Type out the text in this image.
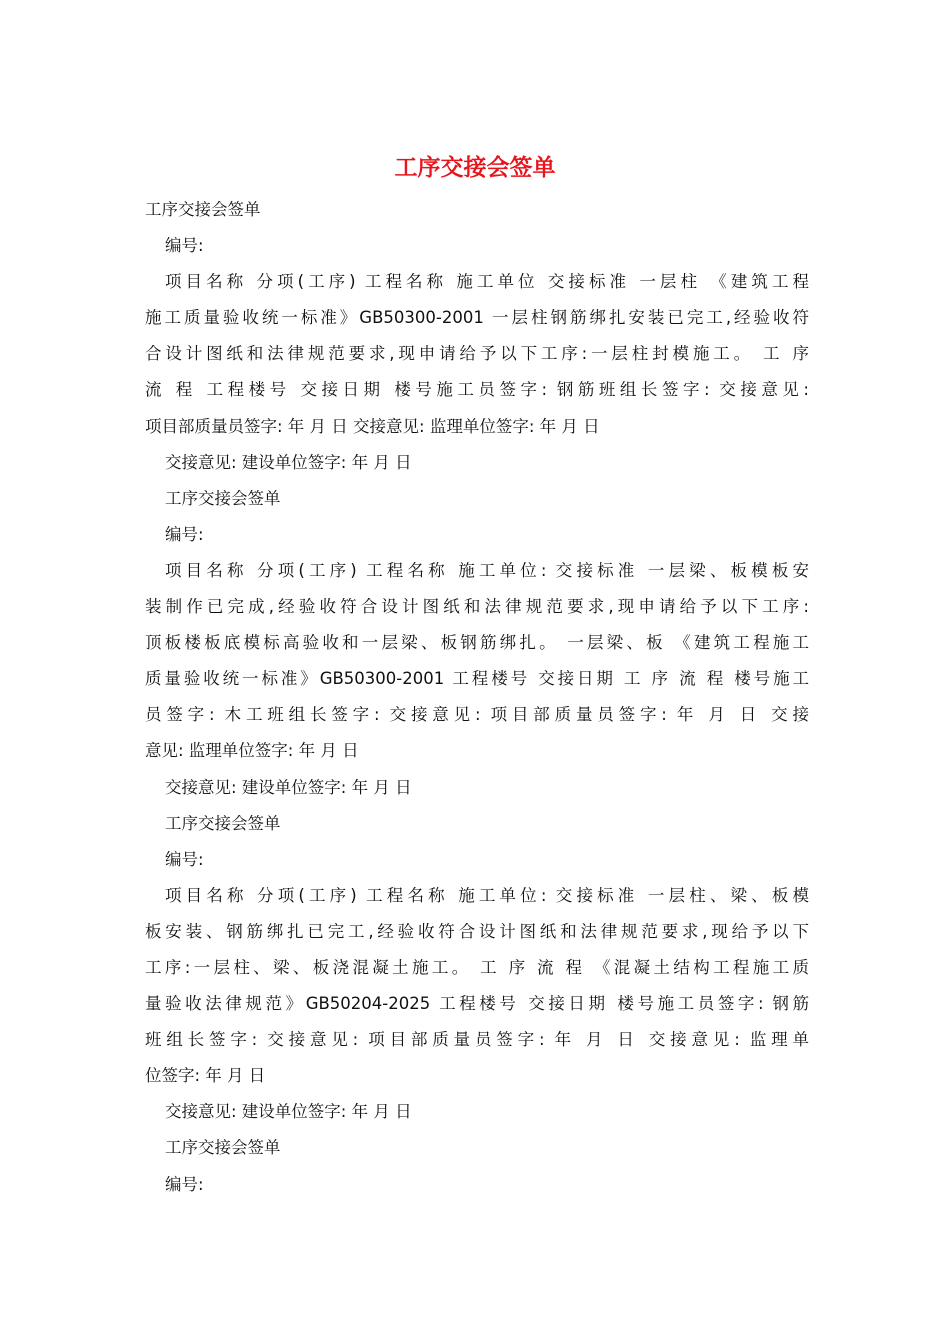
工序交接会签单
工序交接会签单
编号:
项目名称 分项(工序) 工程名称 施工单位 交接标准 一层柱 《建筑工程
施工质量验收统一标准》GB50300-2001 一层柱钢筋绑扎安装已完工,经验收符
合设计图纸和法律规范要求,现申请给予以下工序:一层柱封模施工。 工 序
流 程 工程楼号 交接日期 楼号施工员签字: 钢筋班组长签字: 交接意见:
项目部质量员签字: 年 月 日 交接意见: 监理单位签字: 年 月 日
交接意见: 建设单位签字: 年 月 日
工序交接会签单
编号:
项目名称 分项(工序) 工程名称 施工单位: 交接标准 一层梁、板模板安
装制作已完成,经验收符合设计图纸和法律规范要求,现申请给予以下工序:
顶板楼板底模标高验收和一层梁、板钢筋绑扎。 一层梁、板 《建筑工程施工
质量验收统一标准》GB50300-2001 工程楼号 交接日期 工 序 流 程 楼号施工
员签字: 木工班组长签字: 交接意见: 项目部质量员签字: 年 月 日 交接
意见: 监理单位签字: 年 月 日
交接意见: 建设单位签字: 年 月 日
工序交接会签单
编号:
项目名称 分项(工序) 工程名称 施工单位: 交接标准 一层柱、梁、板模
板安装、钢筋绑扎已完工,经验收符合设计图纸和法律规范要求,现给予以下
工序:一层柱、梁、板浇混凝土施工。 工 序 流 程 《混凝土结构工程施工质
量验收法律规范》GB50204-2025 工程楼号 交接日期 楼号施工员签字: 钢筋
班组长签字: 交接意见: 项目部质量员签字: 年 月 日 交接意见: 监理单
位签字: 年 月 日
交接意见: 建设单位签字: 年 月 日
工序交接会签单
编号:
